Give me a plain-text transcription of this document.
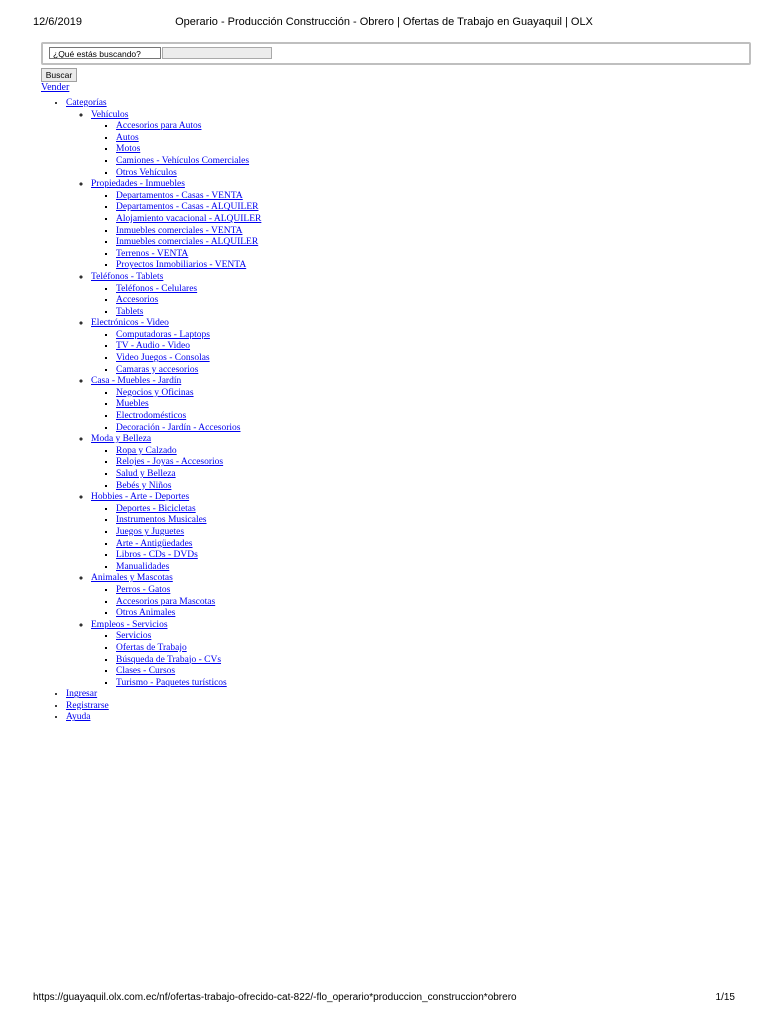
12/6/2019	Operario - Producción Construcción - Obrero | Ofertas de Trabajo en Guayaquil | OLX
¿Qué estás buscando?
Buscar
Vender
• Categorías
◦ Vehículos
▪ Accesorios para Autos
▪ Autos
▪ Motos
▪ Camiones - Vehículos Comerciales
▪ Otros Vehículos
◦ Propiedades - Inmuebles
▪ Departamentos - Casas - VENTA
▪ Departamentos - Casas - ALQUILER
▪ Alojamiento vacacional - ALQUILER
▪ Inmuebles comerciales - VENTA
▪ Inmuebles comerciales - ALQUILER
▪ Terrenos - VENTA
▪ Proyectos Inmobiliarios - VENTA
◦ Teléfonos - Tablets
▪ Teléfonos - Celulares
▪ Accesorios
▪ Tablets
◦ Electrónicos - Video
▪ Computadoras - Laptops
▪ TV - Audio - Video
▪ Video Juegos - Consolas
▪ Camaras y accesorios
◦ Casa - Muebles - Jardín
▪ Negocios y Oficinas
▪ Muebles
▪ Electrodomésticos
▪ Decoración - Jardín - Accesorios
◦ Moda y Belleza
▪ Ropa y Calzado
▪ Relojes - Joyas - Accesorios
▪ Salud y Belleza
▪ Bebés y Niños
◦ Hobbies - Arte - Deportes
▪ Deportes - Bicicletas
▪ Instrumentos Musicales
▪ Juegos y Juguetes
▪ Arte - Antigüedades
▪ Libros - CDs - DVDs
▪ Manualidades
◦ Animales y Mascotas
▪ Perros - Gatos
▪ Accesorios para Mascotas
▪ Otros Animales
◦ Empleos - Servicios
▪ Servicios
▪ Ofertas de Trabajo
▪ Búsqueda de Trabajo - CVs
▪ Clases - Cursos
▪ Turismo - Paquetes turísticos
• Ingresar
• Registrarse
• Ayuda
https://guayaquil.olx.com.ec/nf/ofertas-trabajo-ofrecido-cat-822/-flo_operario*produccion_construccion*obrero	1/15
